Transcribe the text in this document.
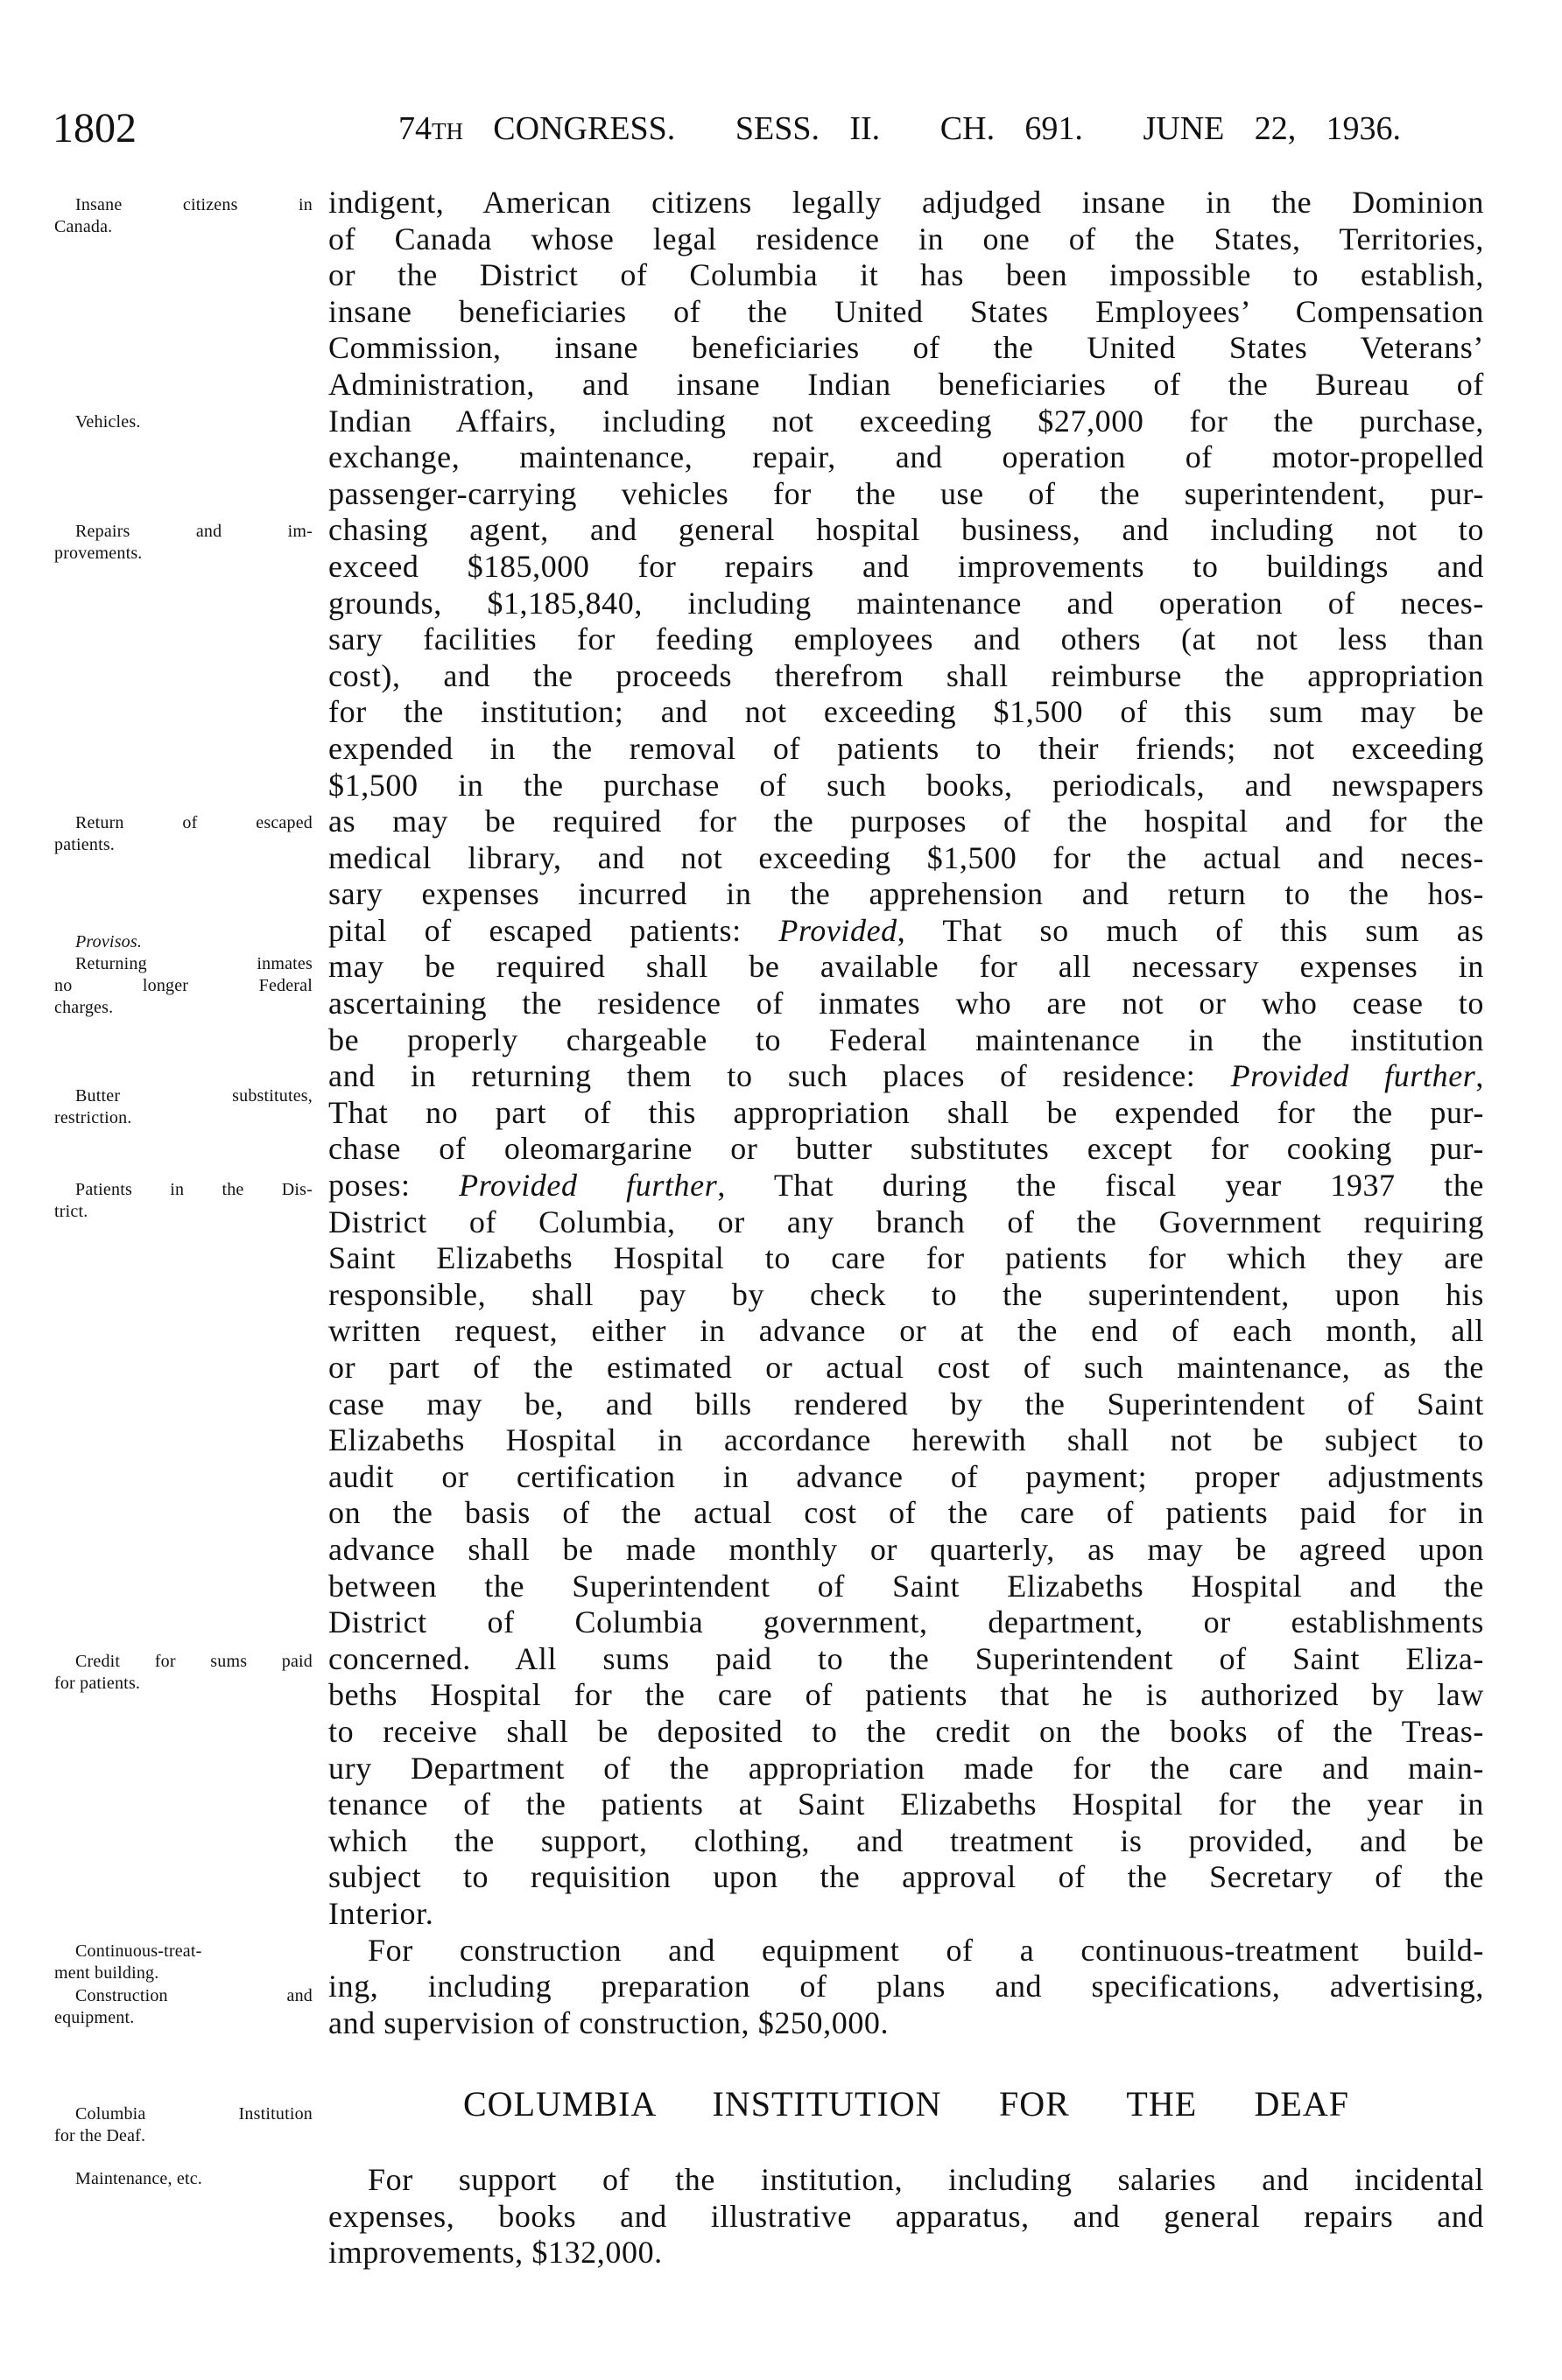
1802	74th CONGRESS.  SESS. II.  CH. 691.  JUNE 22, 1936.
Insane citizens in
Canada.
Vehicles.
Repairs and im-
provements.
Return of escaped
patients.
Provisos.
Returning inmates
no longer Federal
charges.
Butter substitutes,
restriction.
Patients in the Dis-
trict.
Credit for sums paid
for patients.
Continuous-treat-
ment building.
Construction and
equipment.
Columbia Institution
for the Deaf.
Maintenance, etc.
indigent, American citizens legally adjudged insane in the Dominion
of Canada whose legal residence in one of the States, Territories,
or the District of Columbia it has been impossible to establish,
insane beneficiaries of the United States Employees’ Compensation
Commission, insane beneficiaries of the United States Veterans’
Administration, and insane Indian beneficiaries of the Bureau of
Indian Affairs, including not exceeding $27,000 for the purchase,
exchange, maintenance, repair, and operation of motor-propelled
passenger-carrying vehicles for the use of the superintendent, pur-
chasing agent, and general hospital business, and including not to
exceed $185,000 for repairs and improvements to buildings and
grounds, $1,185,840, including maintenance and operation of neces-
sary facilities for feeding employees and others (at not less than
cost), and the proceeds therefrom shall reimburse the appropriation
for the institution; and not exceeding $1,500 of this sum may be
expended in the removal of patients to their friends; not exceeding
$1,500 in the purchase of such books, periodicals, and newspapers
as may be required for the purposes of the hospital and for the
medical library, and not exceeding $1,500 for the actual and neces-
sary expenses incurred in the apprehension and return to the hos-
pital of escaped patients: Provided, That so much of this sum as
may be required shall be available for all necessary expenses in
ascertaining the residence of inmates who are not or who cease to
be properly chargeable to Federal maintenance in the institution
and in returning them to such places of residence: Provided further,
That no part of this appropriation shall be expended for the pur-
chase of oleomargarine or butter substitutes except for cooking pur-
poses: Provided further, That during the fiscal year 1937 the
District of Columbia, or any branch of the Government requiring
Saint Elizabeths Hospital to care for patients for which they are
responsible, shall pay by check to the superintendent, upon his
written request, either in advance or at the end of each month, all
or part of the estimated or actual cost of such maintenance, as the
case may be, and bills rendered by the Superintendent of Saint
Elizabeths Hospital in accordance herewith shall not be subject to
audit or certification in advance of payment; proper adjustments
on the basis of the actual cost of the care of patients paid for in
advance shall be made monthly or quarterly, as may be agreed upon
between the Superintendent of Saint Elizabeths Hospital and the
District of Columbia government, department, or establishments
concerned. All sums paid to the Superintendent of Saint Eliza-
beths Hospital for the care of patients that he is authorized by law
to receive shall be deposited to the credit on the books of the Treas-
ury Department of the appropriation made for the care and main-
tenance of the patients at Saint Elizabeths Hospital for the year in
which the support, clothing, and treatment is provided, and be
subject to requisition upon the approval of the Secretary of the
Interior.
For construction and equipment of a continuous-treatment build-
ing, including preparation of plans and specifications, advertising,
and supervision of construction, $250,000.
COLUMBIA INSTITUTION FOR THE DEAF
For support of the institution, including salaries and incidental
expenses, books and illustrative apparatus, and general repairs and
improvements, $132,000.
